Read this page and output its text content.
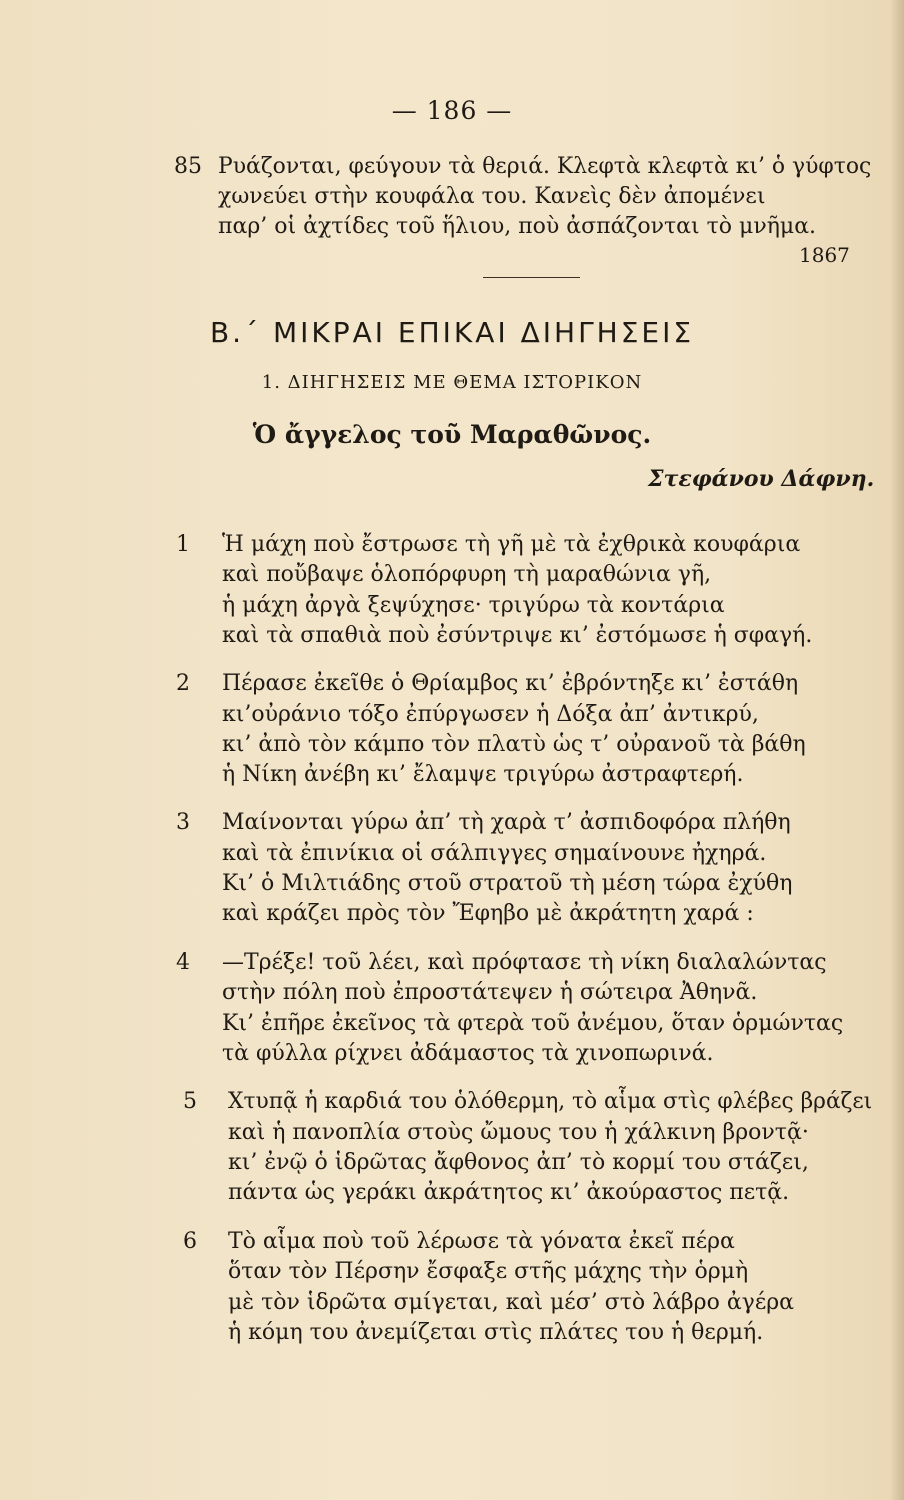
— 186 —
85 Ρυάζονται, φεύγουν τὰ θεριά. Κλεφτὰ κλεφτὰ κι’ ὁ γύφτος
χωνεύει στὴν κουφάλα του. Κανεὶς δὲν ἀπομένει
παρ’ οἱ ἀχτίδες τοῦ ἥλιου, ποὺ ἀσπάζονται τὸ μνῆμα.
1867
Β.΄ ΜΙΚΡΑΙ ΕΠΙΚΑΙ ΔΙΗΓΗΣΕΙΣ
1. ΔΙΗΓΗΣΕΙΣ ΜΕ ΘΕΜΑ ΙΣΤΟΡΙΚΟΝ
Ὁ ἄγγελος τοῦ Μαραθῶνος.
Στεφάνου Δάφνη.
1 Ἡ μάχη ποὺ ἔστρωσε τὴ γῆ μὲ τὰ ἐχθρικὰ κουφάρια
καὶ ποὔβαψε ὁλοπόρφυρη τὴ μαραθώνια γῆ,
ἡ μάχη ἀργὰ ξεψύχησε· τριγύρω τὰ κοντάρια
καὶ τὰ σπαθιὰ ποὺ ἐσύντριψε κι’ ἐστόμωσε ἡ σφαγή.
2 Πέρασε ἐκεῖθε ὁ Θρίαμβος κι’ ἐβρόντηξε κι’ ἐστάθη
κι’οὐράνιο τόξο ἐπύργωσεν ἡ Δόξα ἀπ’ ἀντικρύ,
κι’ ἀπὸ τὸν κάμπο τὸν πλατὺ ὡς τ’ οὐρανοῦ τὰ βάθη
ἡ Νίκη ἀνέβη κι’ ἔλαμψε τριγύρω ἀστραφτερή.
3 Μαίνονται γύρω ἀπ’ τὴ χαρὰ τ’ ἀσπιδοφόρα πλήθη
καὶ τὰ ἐπινίκια οἱ σάλπιγγες σημαίνουνε ἠχηρά.
Κι’ ὁ Μιλτιάδης στοῦ στρατοῦ τὴ μέση τώρα ἐχύθη
καὶ κράζει πρὸς τὸν Ἔφηβο μὲ ἀκράτητη χαρά :
4 —Τρέξε! τοῦ λέει, καὶ πρόφτασε τὴ νίκη διαλαλώντας
στὴν πόλη ποὺ ἐπροστάτεψεν ἡ σώτειρα Ἀθηνᾶ.
Κι’ ἐπῆρε ἐκεῖνος τὰ φτερὰ τοῦ ἀνέμου, ὅταν ὁρμώντας
τὰ φύλλα ρίχνει ἀδάμαστος τὰ χινοπωρινά.
5 Χτυπᾷ ἡ καρδιά του ὁλόθερμη, τὸ αἷμα στὶς φλέβες βράζει
καὶ ἡ πανοπλία στοὺς ὤμους του ἡ χάλκινη βροντᾷ·
κι’ ἐνῷ ὁ ἱδρῶτας ἄφθονος ἀπ’ τὸ κορμί του στάζει,
πάντα ὡς γεράκι ἀκράτητος κι’ ἀκούραστος πετᾷ.
6 Τὸ αἷμα ποὺ τοῦ λέρωσε τὰ γόνατα ἐκεῖ πέρα
ὅταν τὸν Πέρσην ἔσφαξε στῆς μάχης τὴν ὁρμὴ
μὲ τὸν ἱδρῶτα σμίγεται, καὶ μέσ’ στὸ λάβρο ἀγέρα
ἡ κόμη του ἀνεμίζεται στὶς πλάτες του ἡ θερμή.
